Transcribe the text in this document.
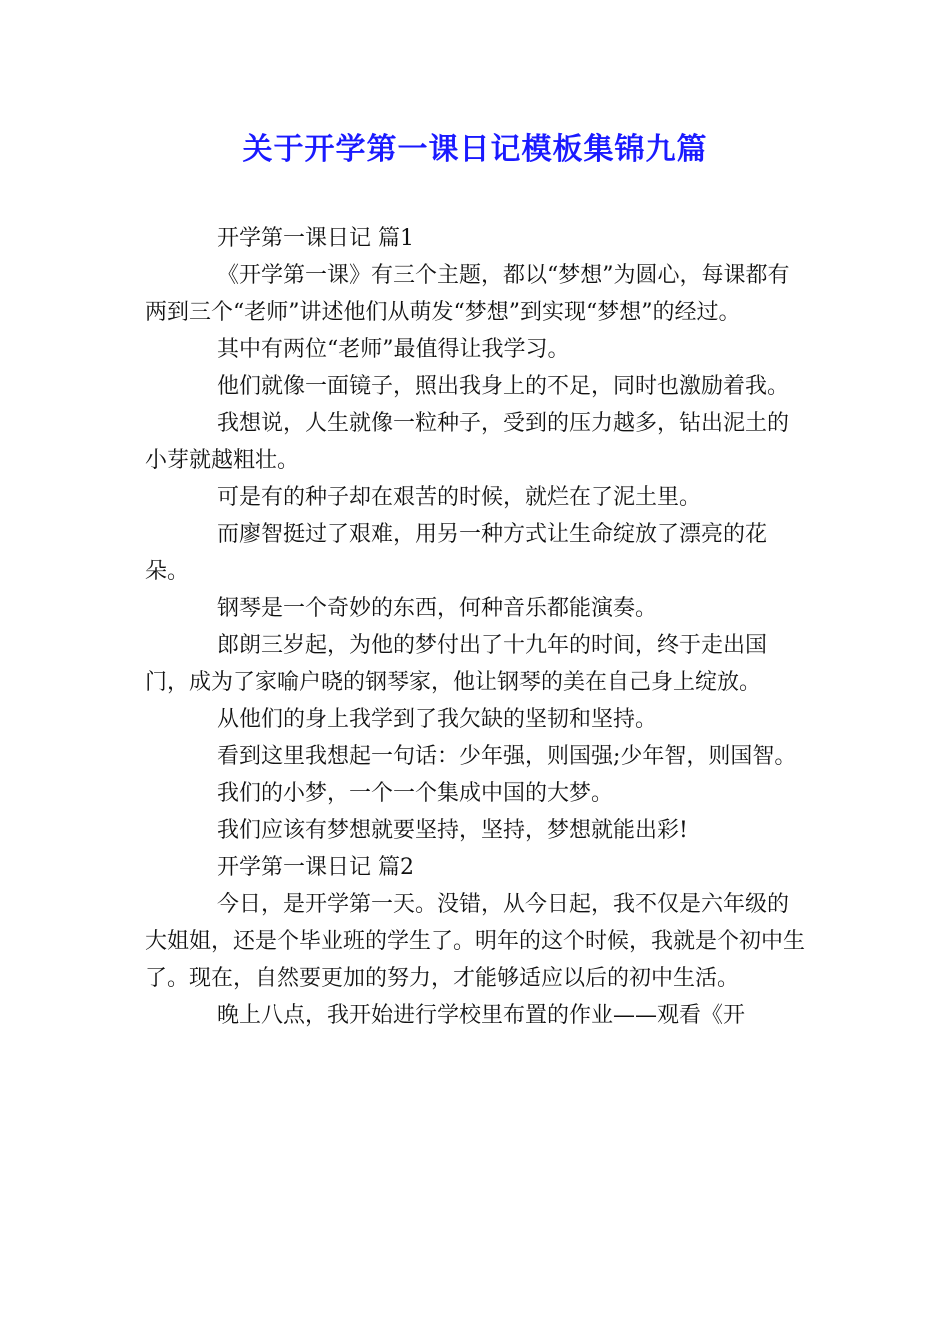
关于开学第一课日记模板集锦九篇

开学第一课日记 篇1

《开学第一课》有三个主题，都以“梦想”为圆心，每课都有两到三个“老师”讲述他们从萌发“梦想”到实现“梦想”的经过。

其中有两位“老师”最值得让我学习。

他们就像一面镜子，照出我身上的不足，同时也激励着我。

我想说，人生就像一粒种子，受到的压力越多，钻出泥土的小芽就越粗壮。

可是有的种子却在艰苦的时候，就烂在了泥土里。

而廖智挺过了艰难，用另一种方式让生命绽放了漂亮的花朵。

钢琴是一个奇妙的东西，何种音乐都能演奏。

郎朗三岁起，为他的梦付出了十九年的时间，终于走出国门，成为了家喻户晓的钢琴家，他让钢琴的美在自己身上绽放。

从他们的身上我学到了我欠缺的坚韧和坚持。

看到这里我想起一句话：少年强，则国强;少年智，则国智。

我们的小梦，一个一个集成中国的大梦。

我们应该有梦想就要坚持，坚持，梦想就能出彩!

开学第一课日记 篇2

今日，是开学第一天。没错，从今日起，我不仅是六年级的大姐姐，还是个毕业班的学生了。明年的这个时候，我就是个初中生了。现在，自然要更加的努力，才能够适应以后的初中生活。

晚上八点，我开始进行学校里布置的作业——观看《开
